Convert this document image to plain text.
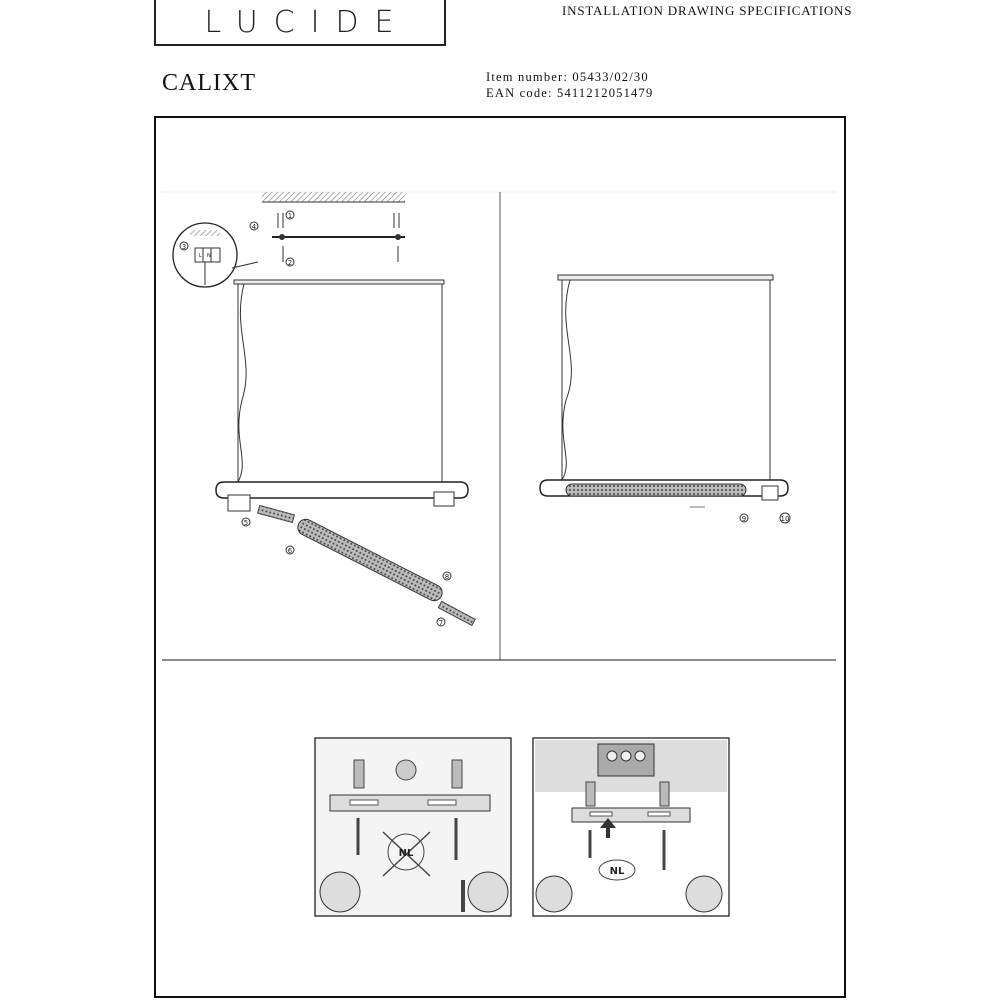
LUCIDE	INSTALLATION DRAWING SPECIFICATIONS
CALIXT	Item number: 05433/02/30
EAN code: 5411212051479
1
2
3
4
5
6
7
8
L N
9	10
NL
NL
